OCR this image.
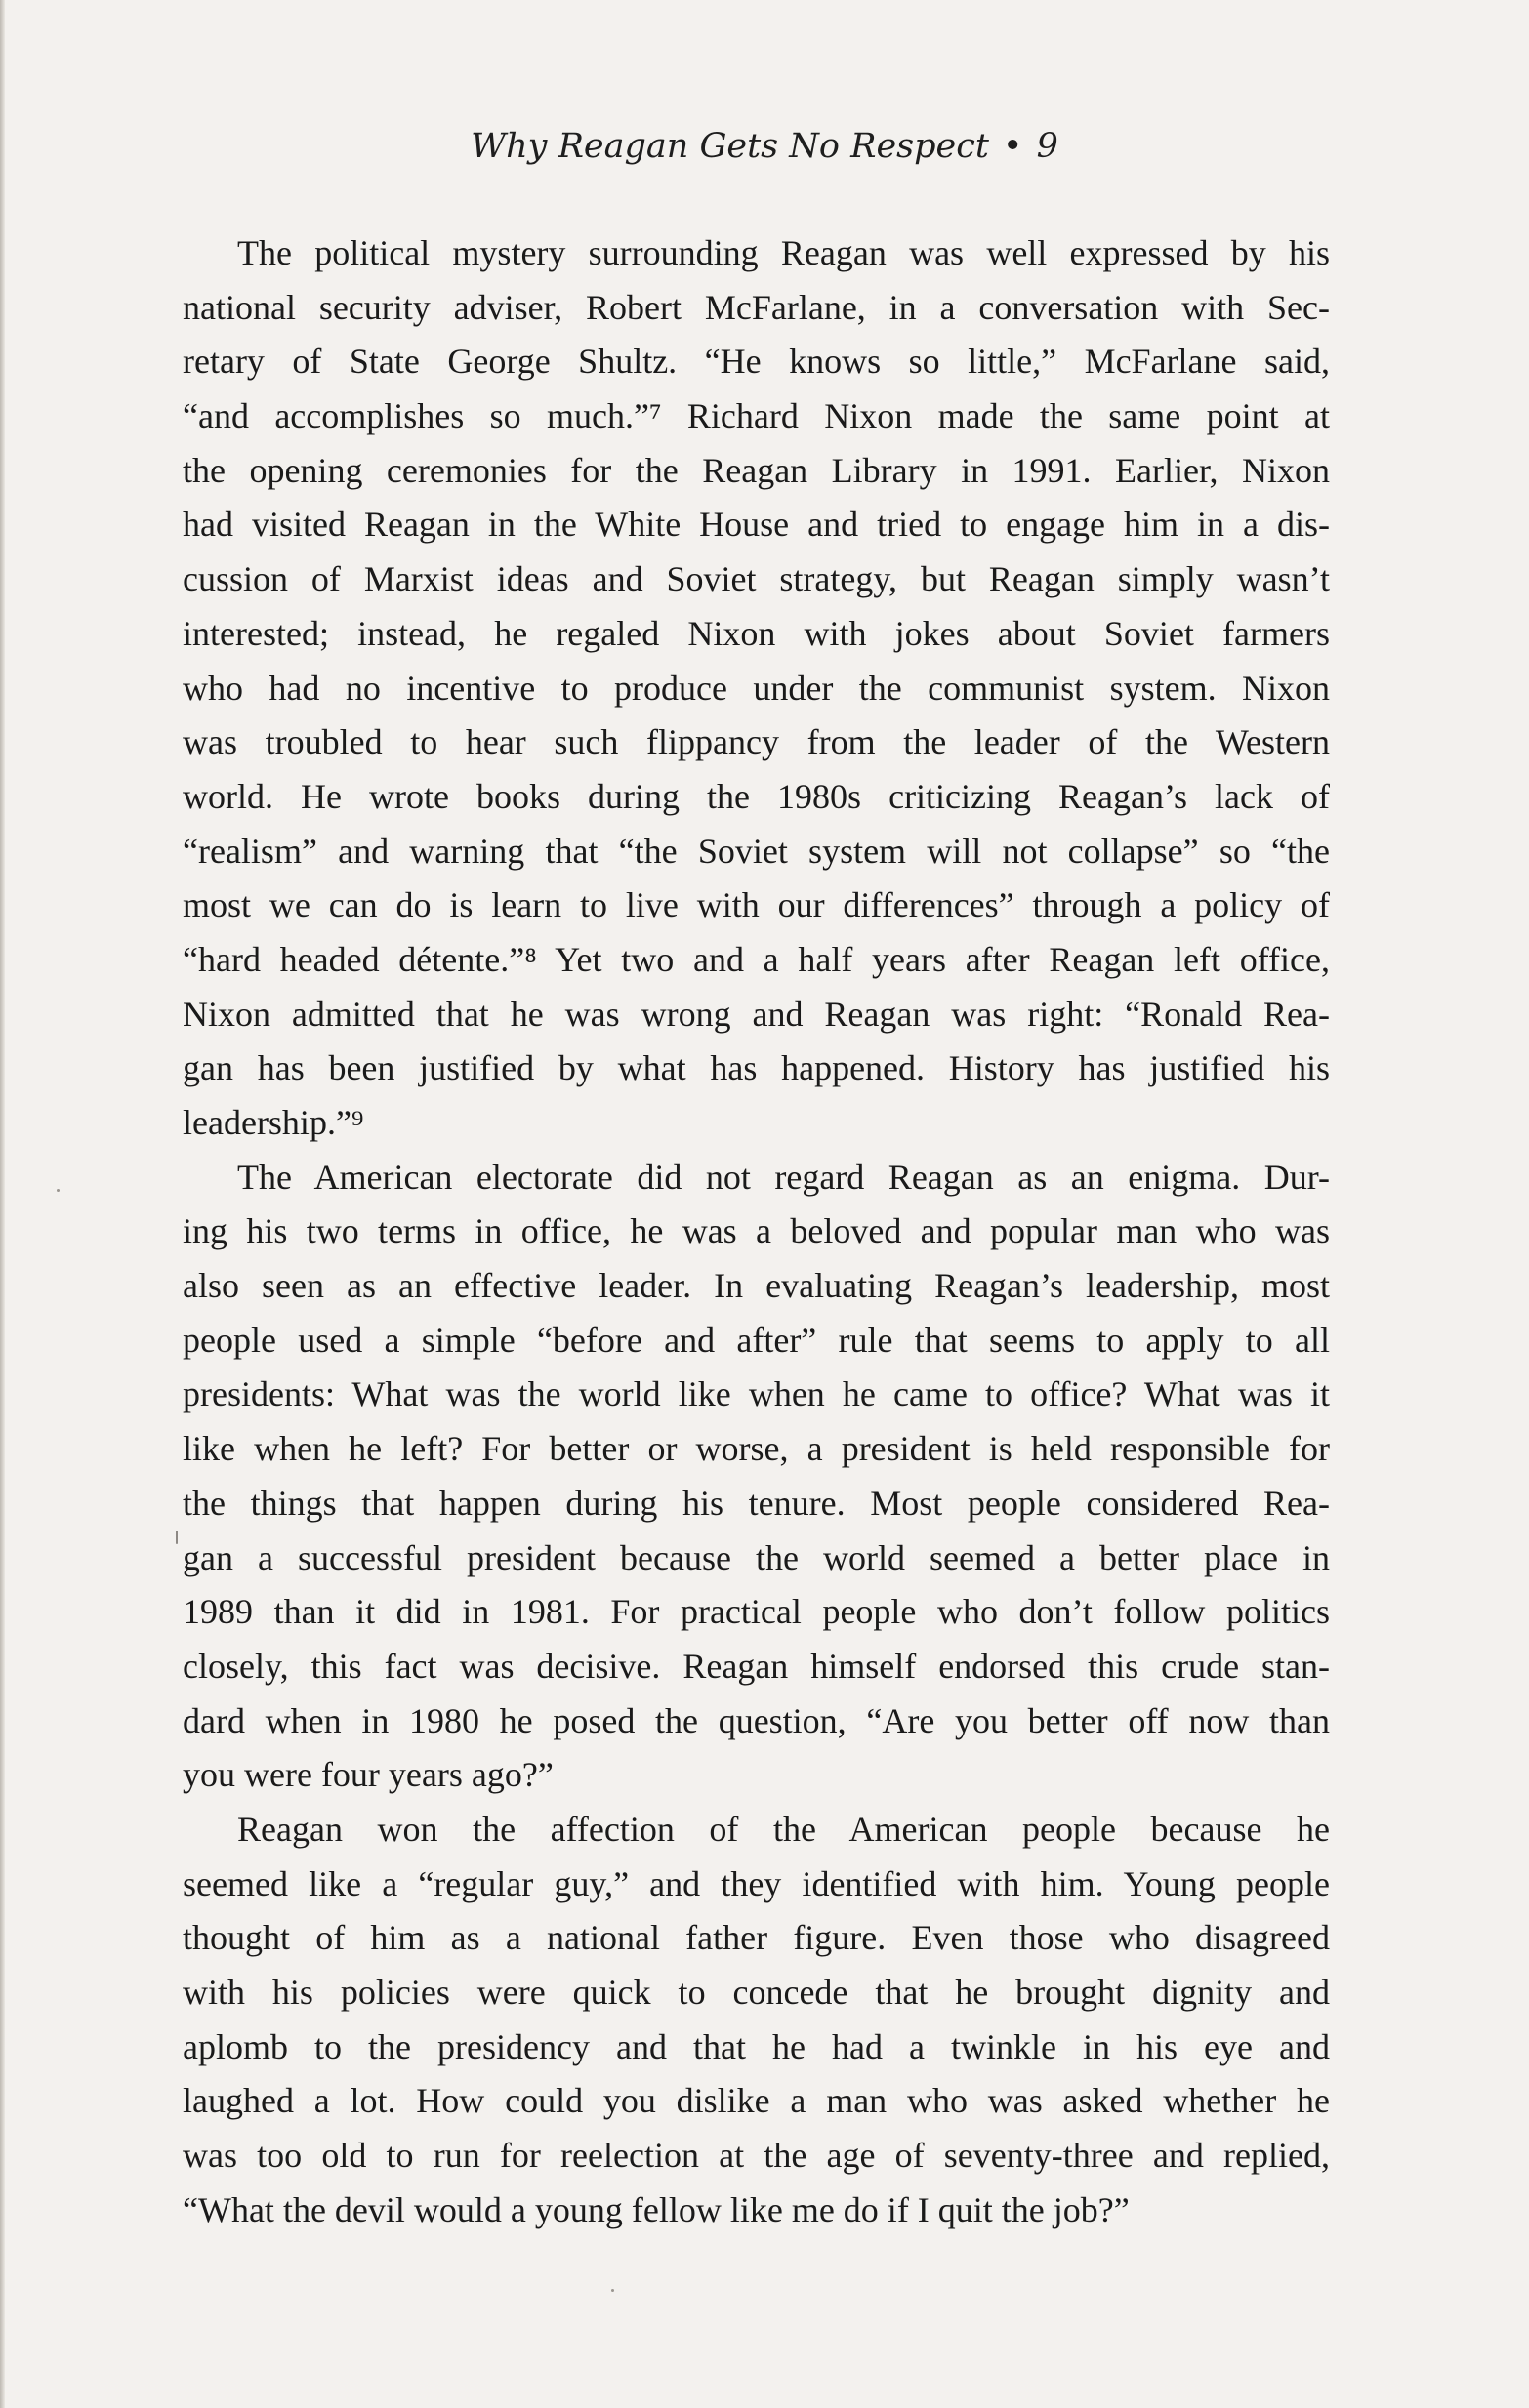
Why Reagan Gets No Respect • 9

The political mystery surrounding Reagan was well expressed by his
national security adviser, Robert McFarlane, in a conversation with Sec-
retary of State George Shultz. “He knows so little,” McFarlane said,
“and accomplishes so much.”⁷ Richard Nixon made the same point at
the opening ceremonies for the Reagan Library in 1991. Earlier, Nixon
had visited Reagan in the White House and tried to engage him in a dis-
cussion of Marxist ideas and Soviet strategy, but Reagan simply wasn’t
interested; instead, he regaled Nixon with jokes about Soviet farmers
who had no incentive to produce under the communist system. Nixon
was troubled to hear such flippancy from the leader of the Western
world. He wrote books during the 1980s criticizing Reagan’s lack of
“realism” and warning that “the Soviet system will not collapse” so “the
most we can do is learn to live with our differences” through a policy of
“hard headed détente.”⁸ Yet two and a half years after Reagan left office,
Nixon admitted that he was wrong and Reagan was right: “Ronald Rea-
gan has been justified by what has happened. History has justified his
leadership.”⁹

The American electorate did not regard Reagan as an enigma. Dur-
ing his two terms in office, he was a beloved and popular man who was
also seen as an effective leader. In evaluating Reagan’s leadership, most
people used a simple “before and after” rule that seems to apply to all
presidents: What was the world like when he came to office? What was it
like when he left? For better or worse, a president is held responsible for
the things that happen during his tenure. Most people considered Rea-
gan a successful president because the world seemed a better place in
1989 than it did in 1981. For practical people who don’t follow politics
closely, this fact was decisive. Reagan himself endorsed this crude stan-
dard when in 1980 he posed the question, “Are you better off now than
you were four years ago?”

Reagan won the affection of the American people because he
seemed like a “regular guy,” and they identified with him. Young people
thought of him as a national father figure. Even those who disagreed
with his policies were quick to concede that he brought dignity and
aplomb to the presidency and that he had a twinkle in his eye and
laughed a lot. How could you dislike a man who was asked whether he
was too old to run for reelection at the age of seventy-three and replied,
“What the devil would a young fellow like me do if I quit the job?”
